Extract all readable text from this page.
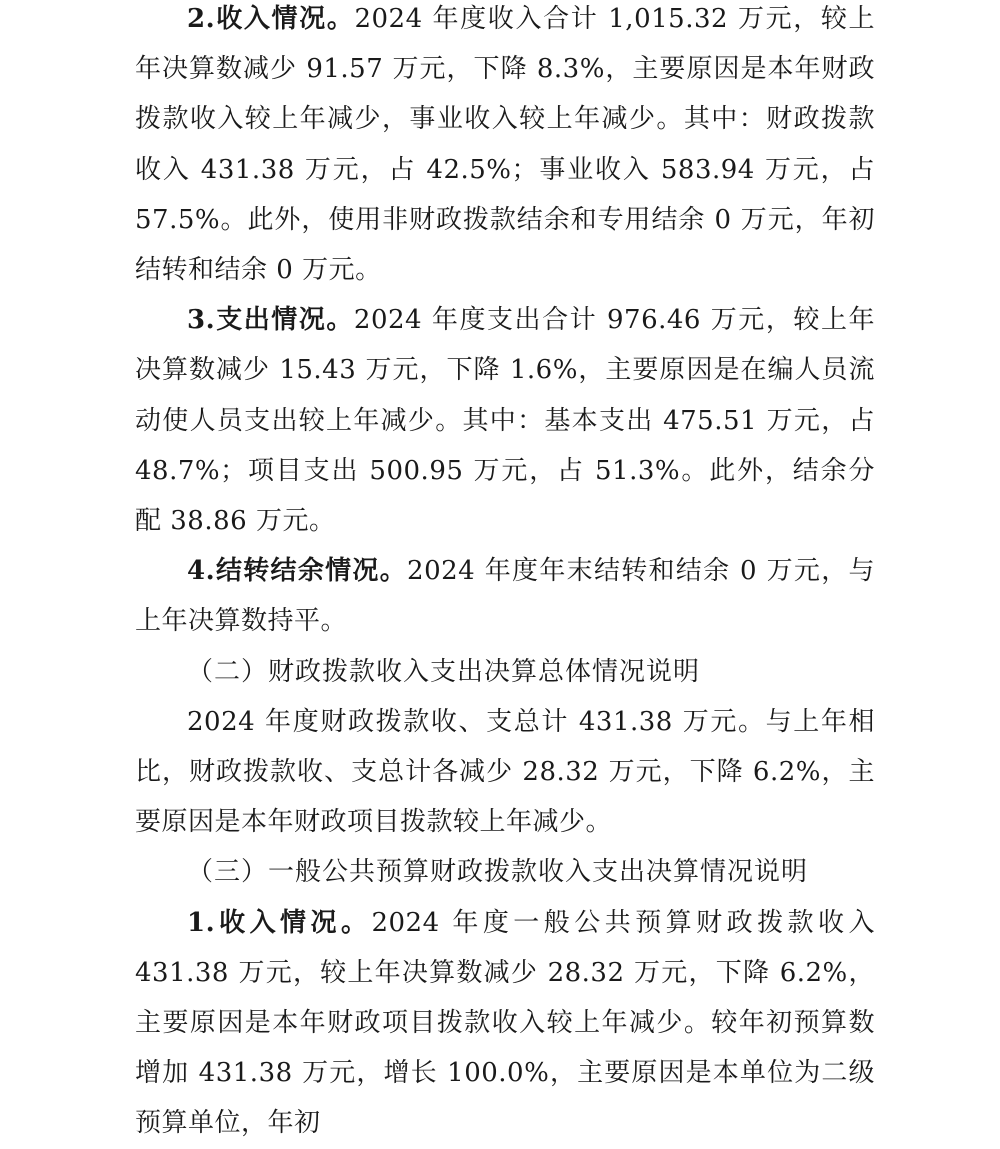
2.收入情况。2024 年度收入合计 1,015.32 万元，较上年决算数减少 91.57 万元，下降 8.3%，主要原因是本年财政拨款收入较上年减少，事业收入较上年减少。其中：财政拨款收入 431.38 万元，占 42.5%；事业收入 583.94 万元，占 57.5%。此外，使用非财政拨款结余和专用结余 0 万元，年初结转和结余 0 万元。

3.支出情况。2024 年度支出合计 976.46 万元，较上年决算数减少 15.43 万元，下降 1.6%，主要原因是在编人员流动使人员支出较上年减少。其中：基本支出 475.51 万元，占 48.7%；项目支出 500.95 万元，占 51.3%。此外，结余分配 38.86 万元。

4.结转结余情况。2024 年度年末结转和结余 0 万元，与上年决算数持平。

（二）财政拨款收入支出决算总体情况说明

2024 年度财政拨款收、支总计 431.38 万元。与上年相比，财政拨款收、支总计各减少 28.32 万元，下降 6.2%，主要原因是本年财政项目拨款较上年减少。

（三）一般公共预算财政拨款收入支出决算情况说明

1.收入情况。2024 年度一般公共预算财政拨款收入 431.38 万元，较上年决算数减少 28.32 万元，下降 6.2%，主要原因是本年财政项目拨款收入较上年减少。较年初预算数增加 431.38 万元，增长 100.0%，主要原因是本单位为二级预算单位，年初
